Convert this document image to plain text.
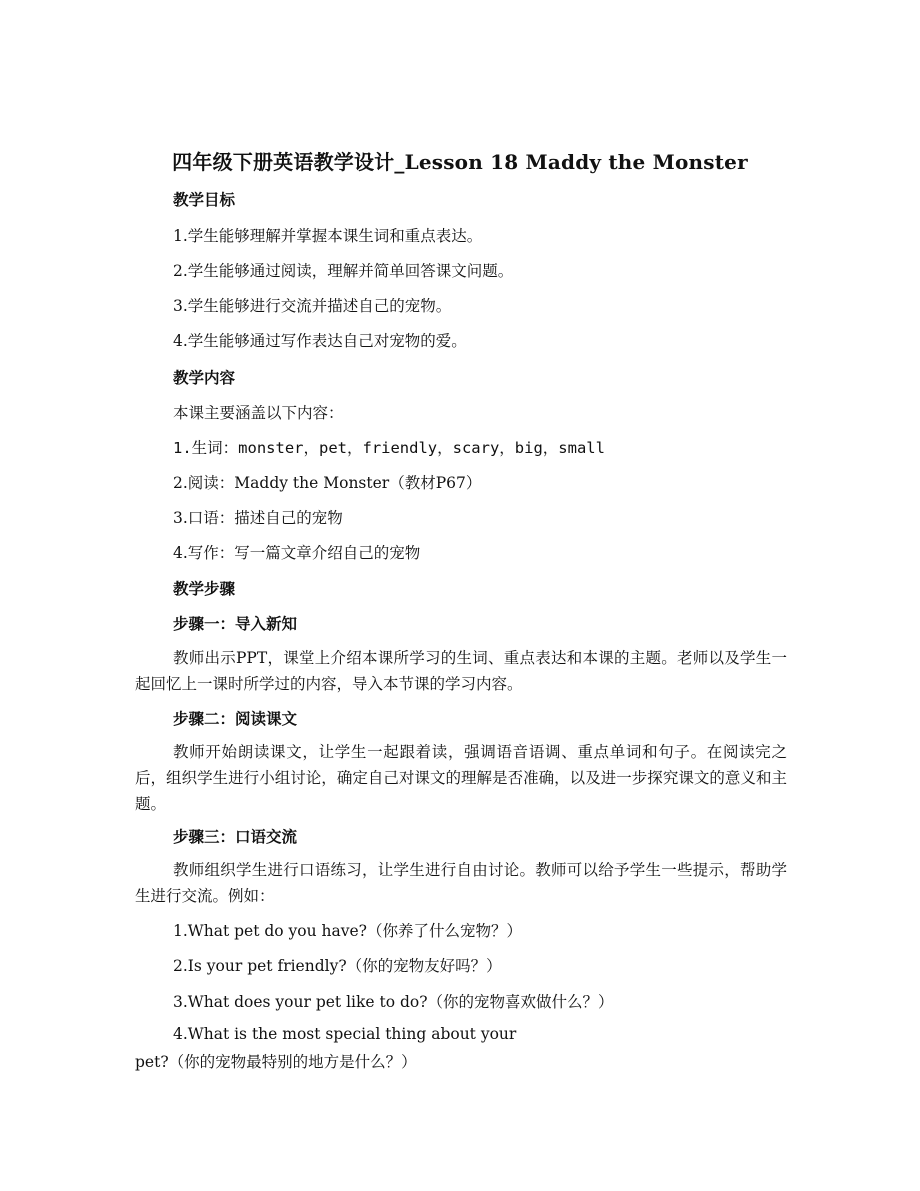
四年级下册英语教学设计_Lesson 18 Maddy the Monster
教学目标
1.学生能够理解并掌握本课生词和重点表达。
2.学生能够通过阅读，理解并简单回答课文问题。
3.学生能够进行交流并描述自己的宠物。
4.学生能够通过写作表达自己对宠物的爱。
教学内容
本课主要涵盖以下内容：
1.生词：monster，pet，friendly，scary，big，small
2.阅读：Maddy the Monster（教材P67）
3.口语：描述自己的宠物
4.写作：写一篇文章介绍自己的宠物
教学步骤
步骤一：导入新知
教师出示PPT，课堂上介绍本课所学习的生词、重点表达和本课的主题。老师以及学生一起回忆上一课时所学过的内容，导入本节课的学习内容。
步骤二：阅读课文
教师开始朗读课文，让学生一起跟着读，强调语音语调、重点单词和句子。在阅读完之后，组织学生进行小组讨论，确定自己对课文的理解是否准确，以及进一步探究课文的意义和主题。
步骤三：口语交流
教师组织学生进行口语练习，让学生进行自由讨论。教师可以给予学生一些提示，帮助学生进行交流。例如：
1.What pet do you have?（你养了什么宠物？）
2.Is your pet friendly?（你的宠物友好吗？）
3.What does your pet like to do?（你的宠物喜欢做什么？）
4.What is the most special thing about your
pet?（你的宠物最特别的地方是什么？）
